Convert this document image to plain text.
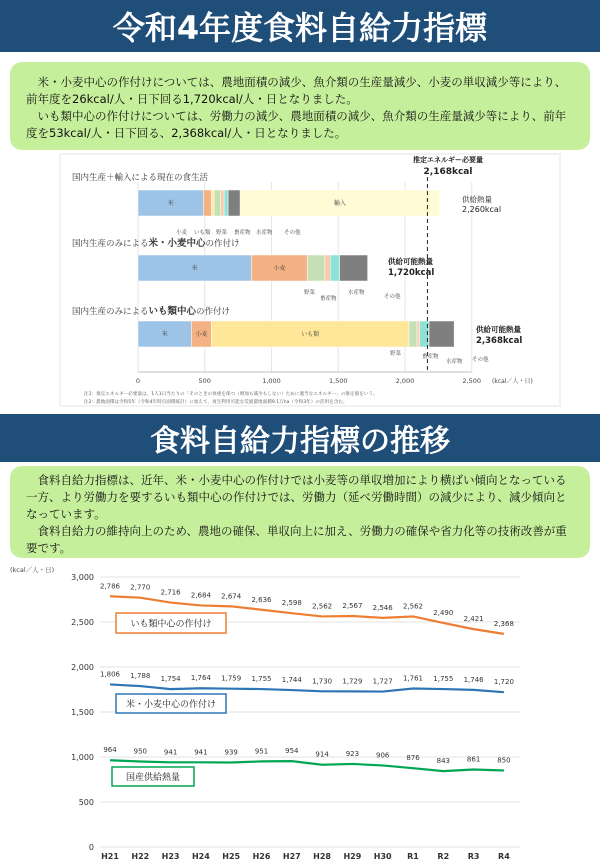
令和4年度食料自給力指標

米・小麦中心の作付けについては、農地面積の減少、魚介類の生産量減少、小麦の単収減少等により、前年度を26kcal/人・日下回る1,720kcal/人・日となりました。

いも類中心の作付けについては、労働力の減少、農地面積の減少、魚介類の生産量減少等により、前年度を53kcal/人・日下回る、2,368kcal/人・日となりました。

米	輸入
米	小麦
米	小麦	いも類
国内生産＋輸入による現在の食生活
国内生産のみによる米・小麦中心の作付け
国内生産のみによるいも類中心の作付け
推定エネルギー必要量
2,168kcal
供給熱量
2,260kcal
供給可能熱量
1,720kcal
供給可能熱量
2,368kcal
小麦 いも類 野菜 畜産物 水産物 その他
野菜
畜産物
水産物
その他
野菜	畜産物
水産物 その他
0	500	1,000	1,500	2,000	2,500 (kcal／人・日)
注1：推定エネルギー必要量は、1人1日当たりの「そのときの体重を保つ（増加も減少もしない）ために適当なエネルギー」の推定値をいう。
注2：農地面積は令和5年（令和4年時点面積統計）に加えて、再生利用可能な荒廃農地面積9.1万ha（令和3年）の活用を含む。
食料自給力指標の推移

食料自給力指標は、近年、米・小麦中心の作付けでは小麦等の単収増加により横ばい傾向となっている一方、より労働力を要するいも類中心の作付けでは、労働力（延べ労働時間）の減少により、減少傾向となっています。

食料自給力の維持向上のため、農地の確保、単収向上に加え、労働力の確保や省力化等の技術改善が重要です。

(kcal／人・日)
0
500
1,000
1,500
2,000
2,500
3,000
H21 H22 H23 H24 H25 H26 H27 H28 H29 H30 R1 R2 R3 R4
2,786 2,770
2,716 2,684 2,674 2,636 2,598 2,562 2,567 2,546 2,562
2,490
2,421
2,368
1,806 1,788 1,754 1,764 1,759 1,755 1,744 1,730 1,729 1,727 1,761 1,755 1,746 1,720
964 950 941 941 939 951 954 914 923 906 876 843 861 850
いも類中心の作付け
米・小麦中心の作付け
国産供給熱量
